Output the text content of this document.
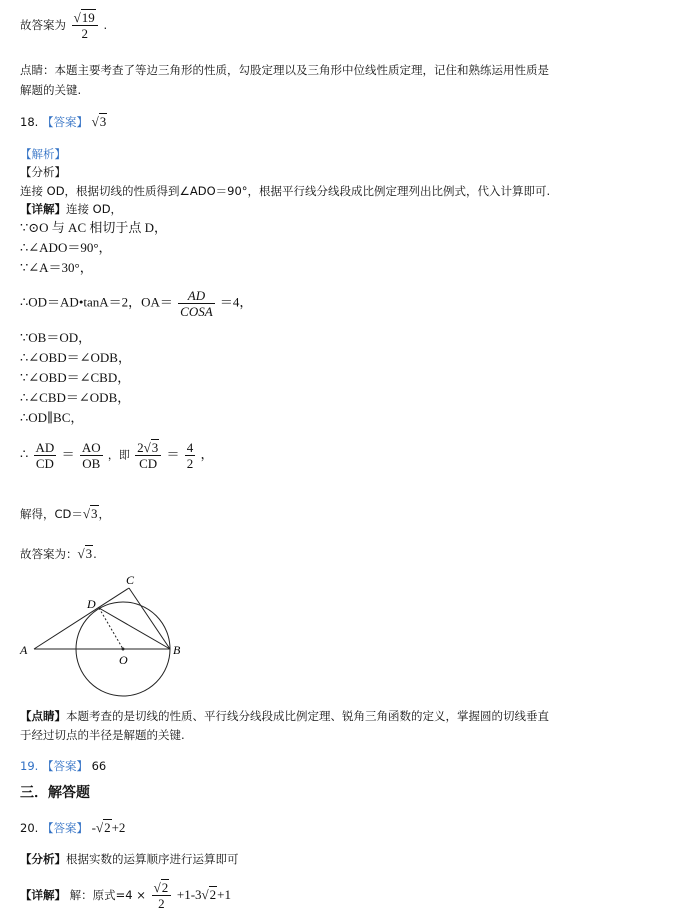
故答案为 $\frac{√19}{2}$ .
点睛：本题主要考查了等边三角形的性质，勾股定理以及三角形中位线性质定理，记住和熟练运用性质是
解题的关键.
18. 【答案】 √3
【解析】
【分析】
连接 OD，根据切线的性质得到∠ADO＝90°，根据平行线分线段成比例定理列出比例式，代入计算即可.
【详解】连接 OD，
∵⊙O 与 AC 相切于点 D，
∴∠ADO＝90°，
∵∠A＝30°，
∴OD＝AD•tanA＝2，$OA= \frac{AD}{\text{COSA}} =4$，
∵OB＝OD，
∴∠OBD＝∠ODB，
∵∠OBD＝∠CBD，
∴∠CBD＝∠ODB，
∴OD∥BC，
∴ $\frac{AD}{CD} = \frac{AO}{OB}$ ，即 $\frac{2√3}{CD} = \frac{4}{2}$ ，
解得，CD＝√3，
故答案为：√3.
A	B
C
D
O
【点睛】本题考查的是切线的性质、平行线分线段成比例定理、锐角三角函数的定义，掌握圆的切线垂直
于经过切点的半径是解题的关键.
19. 【答案】 66
三．解答题
20. 【答案】 -√2+2
【分析】根据实数的运算顺序进行运算即可
【详解】 解：原式$=4 \times \frac{√2}{2} +1-3√2+1$
